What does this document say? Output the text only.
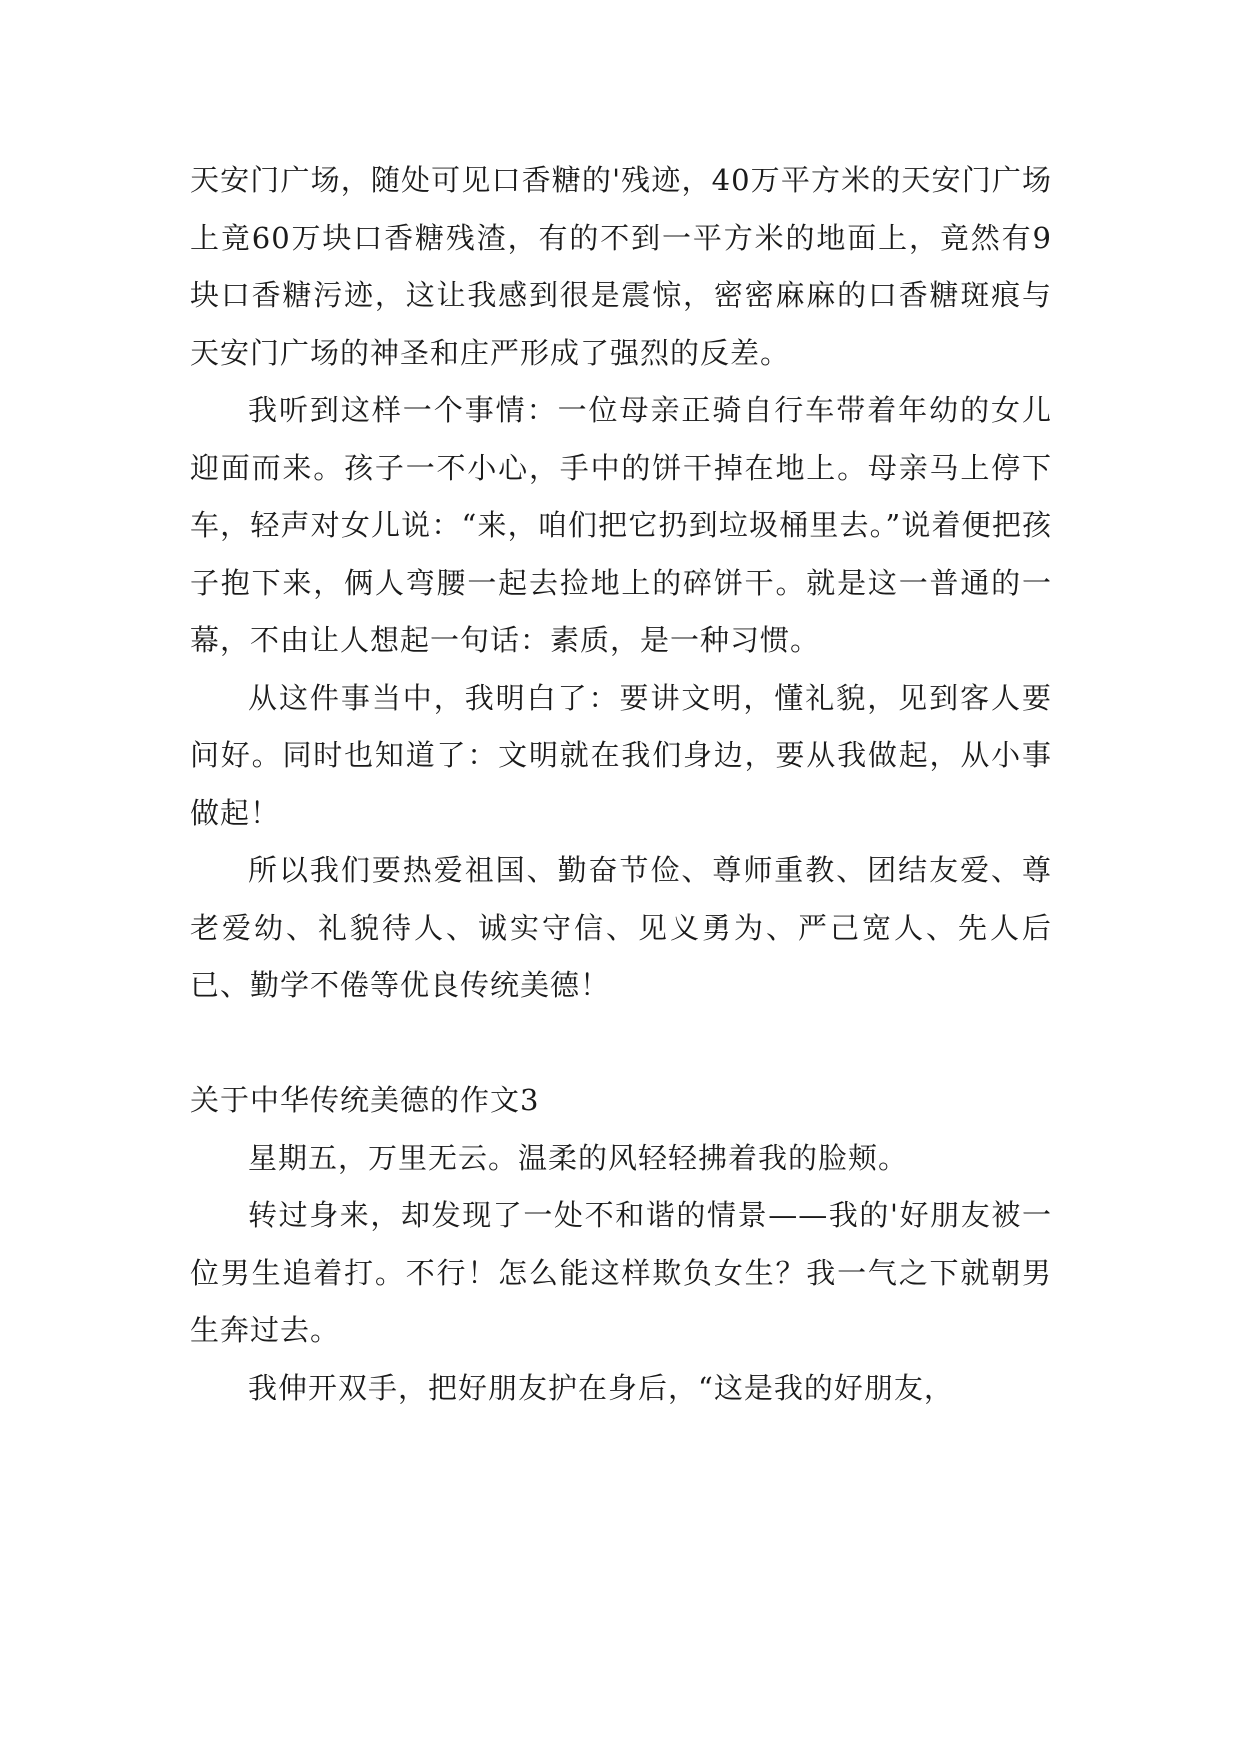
天安门广场，随处可见口香糖的'残迹，40万平方米的天安门广场上竟60万块口香糖残渣，有的不到一平方米的地面上，竟然有9块口香糖污迹，这让我感到很是震惊，密密麻麻的口香糖斑痕与天安门广场的神圣和庄严形成了强烈的反差。

我听到这样一个事情：一位母亲正骑自行车带着年幼的女儿迎面而来。孩子一不小心，手中的饼干掉在地上。母亲马上停下车，轻声对女儿说：“来，咱们把它扔到垃圾桶里去。”说着便把孩子抱下来，俩人弯腰一起去捡地上的碎饼干。就是这一普通的一幕，不由让人想起一句话：素质，是一种习惯。

从这件事当中，我明白了：要讲文明，懂礼貌，见到客人要问好。同时也知道了：文明就在我们身边，要从我做起，从小事做起！

所以我们要热爱祖国、勤奋节俭、尊师重教、团结友爱、尊老爱幼、礼貌待人、诚实守信、见义勇为、严己宽人、先人后已、勤学不倦等优良传统美德！

关于中华传统美德的作文3

星期五，万里无云。温柔的风轻轻拂着我的脸颊。

转过身来，却发现了一处不和谐的情景——我的'好朋友被一位男生追着打。不行！怎么能这样欺负女生？我一气之下就朝男生奔过去。

我伸开双手，把好朋友护在身后，“这是我的好朋友，
